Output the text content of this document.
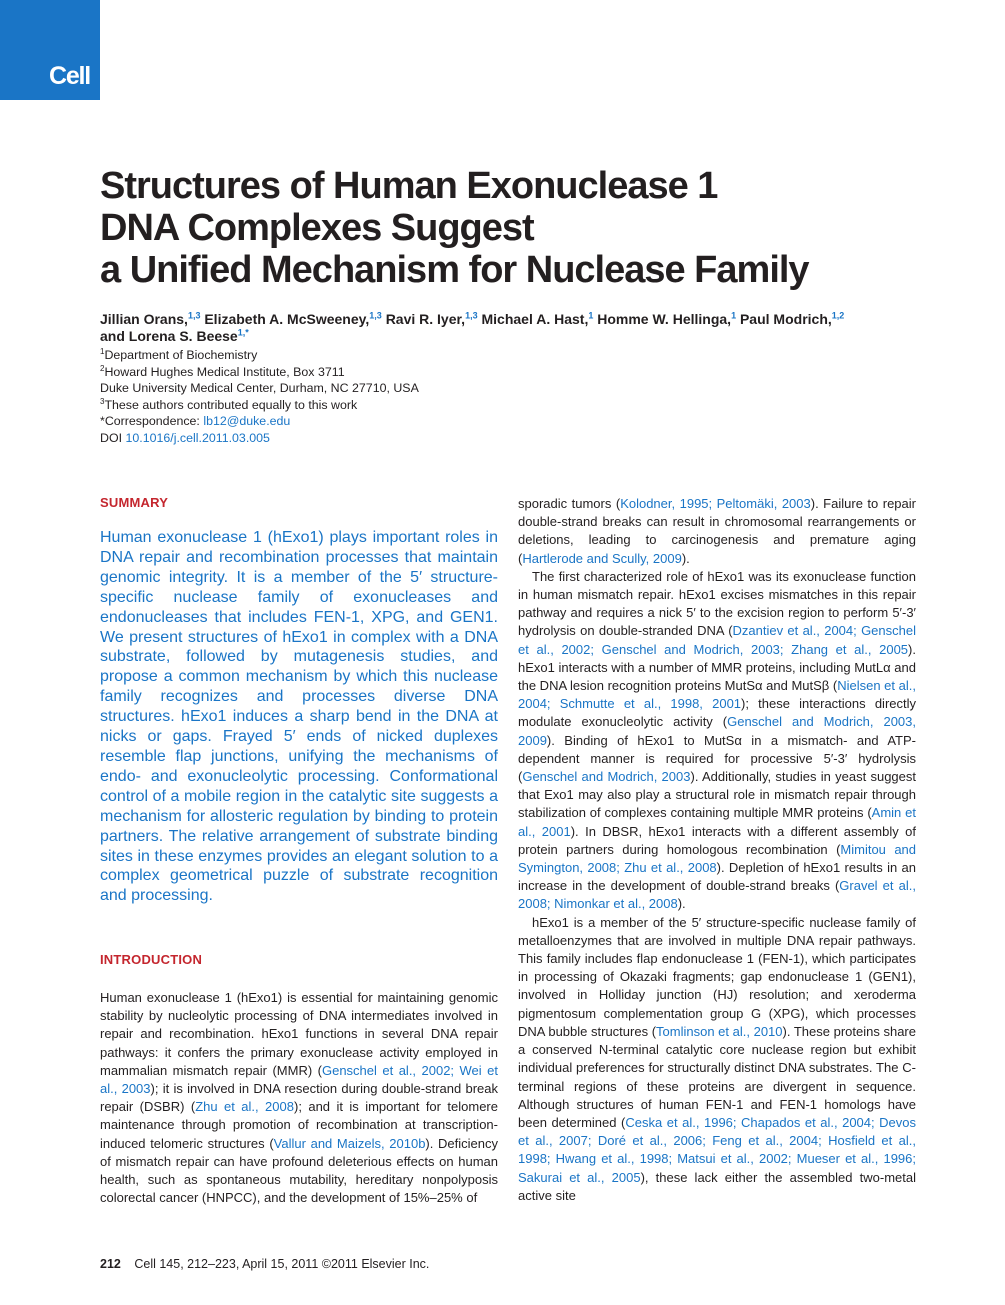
Cell
Structures of Human Exonuclease 1
DNA Complexes Suggest
a Unified Mechanism for Nuclease Family
Jillian Orans,$^{1,3}$ Elizabeth A. McSweeney,$^{1,3}$ Ravi R. Iyer,$^{1,3}$ Michael A. Hast,$^1$ Homme W. Hellinga,$^1$ Paul Modrich,$^{1,2}$
and Lorena S. Beese$^{1,*}$
$^1$Department of Biochemistry
$^2$Howard Hughes Medical Institute, Box 3711
Duke University Medical Center, Durham, NC 27710, USA
$^3$These authors contributed equally to this work
*Correspondence: lb12@duke.edu
DOI 10.1016/j.cell.2011.03.005
SUMMARY

Human exonuclease 1 (hExo1) plays important roles in DNA repair and recombination processes that maintain genomic integrity. It is a member of the 5′ structure-specific nuclease family of exonucleases and endonucleases that includes FEN-1, XPG, and GEN1. We present structures of hExo1 in complex with a DNA substrate, followed by mutagenesis studies, and propose a common mechanism by which this nuclease family recognizes and processes diverse DNA structures. hExo1 induces a sharp bend in the DNA at nicks or gaps. Frayed 5′ ends of nicked duplexes resemble flap junctions, unifying the mechanisms of endo- and exonucleolytic processing. Conformational control of a mobile region in the catalytic site suggests a mechanism for allosteric regulation by binding to protein partners. The relative arrangement of substrate binding sites in these enzymes provides an elegant solution to a complex geometrical puzzle of substrate recognition and processing.

INTRODUCTION

Human exonuclease 1 (hExo1) is essential for maintaining genomic stability by nucleolytic processing of DNA intermediates involved in repair and recombination. hExo1 functions in several DNA repair pathways: it confers the primary exonuclease activity employed in mammalian mismatch repair (MMR) (Genschel et al., 2002; Wei et al., 2003); it is involved in DNA resection during double-strand break repair (DSBR) (Zhu et al., 2008); and it is important for telomere maintenance through promotion of recombination at transcription-induced telomeric structures (Vallur and Maizels, 2010b). Deficiency of mismatch repair can have profound deleterious effects on human health, such as spontaneous mutability, hereditary nonpolyposis colorectal cancer (HNPCC), and the development of 15%–25% of

sporadic tumors (Kolodner, 1995; Peltomäki, 2003). Failure to repair double-strand breaks can result in chromosomal rearrangements or deletions, leading to carcinogenesis and premature aging (Hartlerode and Scully, 2009).

The first characterized role of hExo1 was its exonuclease function in human mismatch repair. hExo1 excises mismatches in this repair pathway and requires a nick 5′ to the excision region to perform 5′-3′ hydrolysis on double-stranded DNA (Dzantiev et al., 2004; Genschel et al., 2002; Genschel and Modrich, 2003; Zhang et al., 2005). hExo1 interacts with a number of MMR proteins, including MutLα and the DNA lesion recognition proteins MutSα and MutSβ (Nielsen et al., 2004; Schmutte et al., 1998, 2001); these interactions directly modulate exonucleolytic activity (Genschel and Modrich, 2003, 2009). Binding of hExo1 to MutSα in a mismatch- and ATP-dependent manner is required for processive 5′-3′ hydrolysis (Genschel and Modrich, 2003). Additionally, studies in yeast suggest that Exo1 may also play a structural role in mismatch repair through stabilization of complexes containing multiple MMR proteins (Amin et al., 2001). In DBSR, hExo1 interacts with a different assembly of protein partners during homologous recombination (Mimitou and Symington, 2008; Zhu et al., 2008). Depletion of hExo1 results in an increase in the development of double-strand breaks (Gravel et al., 2008; Nimonkar et al., 2008).

hExo1 is a member of the 5′ structure-specific nuclease family of metalloenzymes that are involved in multiple DNA repair pathways. This family includes flap endonuclease 1 (FEN-1), which participates in processing of Okazaki fragments; gap endonuclease 1 (GEN1), involved in Holliday junction (HJ) resolution; and xeroderma pigmentosum complementation group G (XPG), which processes DNA bubble structures (Tomlinson et al., 2010). These proteins share a conserved N-terminal catalytic core nuclease region but exhibit individual preferences for structurally distinct DNA substrates. The C-terminal regions of these proteins are divergent in sequence. Although structures of human FEN-1 and FEN-1 homologs have been determined (Ceska et al., 1996; Chapados et al., 2004; Devos et al., 2007; Doré et al., 2006; Feng et al., 2004; Hosfield et al., 1998; Hwang et al., 1998; Matsui et al., 2002; Mueser et al., 1996; Sakurai et al., 2005), these lack either the assembled two-metal active site

212 Cell 145, 212–223, April 15, 2011 ©2011 Elsevier Inc.
